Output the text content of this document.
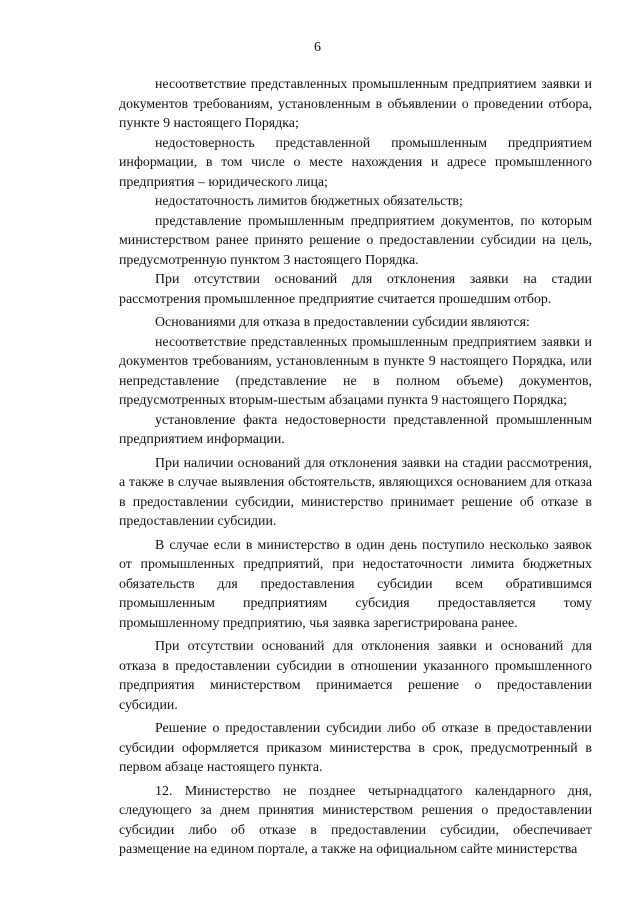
6

несоответствие представленных промышленным предприятием заявки и документов требованиям, установленным в объявлении о проведении отбора, пункте 9 настоящего Порядка;

недостоверность представленной промышленным предприятием информации, в том числе о месте нахождения и адресе промышленного предприятия – юридического лица;

недостаточность лимитов бюджетных обязательств;

представление промышленным предприятием документов, по которым министерством ранее принято решение о предоставлении субсидии на цель, предусмотренную пунктом 3 настоящего Порядка.

При отсутствии оснований для отклонения заявки на стадии рассмотрения промышленное предприятие считается прошедшим отбор.

Основаниями для отказа в предоставлении субсидии являются:

несоответствие представленных промышленным предприятием заявки и документов требованиям, установленным в пункте 9 настоящего Порядка, или непредставление (представление не в полном объеме) документов, предусмотренных вторым-шестым абзацами пункта 9 настоящего Порядка;

установление факта недостоверности представленной промышленным предприятием информации.

При наличии оснований для отклонения заявки на стадии рассмотрения, а также в случае выявления обстоятельств, являющихся основанием для отказа в предоставлении субсидии, министерство принимает решение об отказе в предоставлении субсидии.

В случае если в министерство в один день поступило несколько заявок от промышленных предприятий, при недостаточности лимита бюджетных обязательств для предоставления субсидии всем обратившимся промышленным предприятиям субсидия предоставляется тому промышленному предприятию, чья заявка зарегистрирована ранее.

При отсутствии оснований для отклонения заявки и оснований для отказа в предоставлении субсидии в отношении указанного промышленного предприятия министерством принимается решение о предоставлении субсидии.

Решение о предоставлении субсидии либо об отказе в предоставлении субсидии оформляется приказом министерства в срок, предусмотренный в первом абзаце настоящего пункта.

12. Министерство не позднее четырнадцатого календарного дня, следующего за днем принятия министерством решения о предоставлении субсидии либо об отказе в предоставлении субсидии, обеспечивает размещение на едином портале, а также на официальном сайте министерства
